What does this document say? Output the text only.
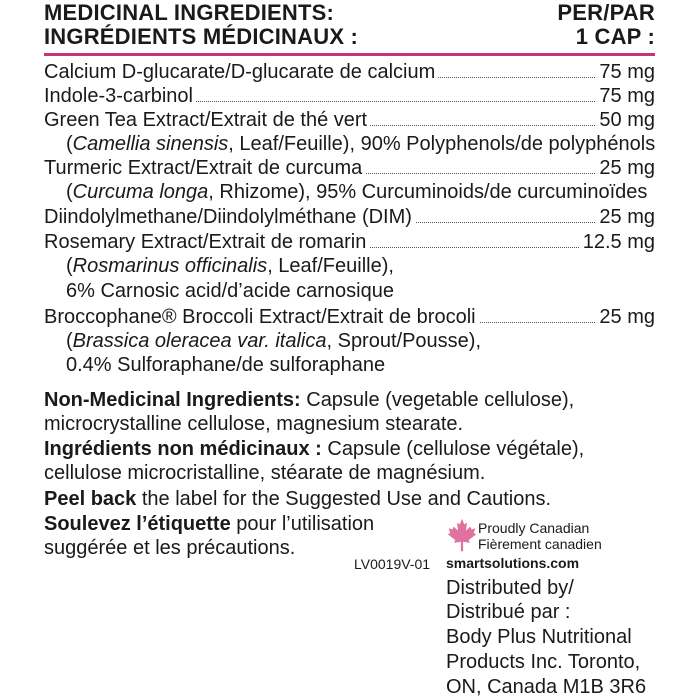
MEDICINAL INGREDIENTS:
INGRÉDIENTS MÉDICINAUX :
PER/PAR
1 CAP :
Calcium D-glucarate/D-glucarate de calcium	75 mg
Indole-3-carbinol	75 mg
Green Tea Extract/Extrait de thé vert	50 mg
(Camellia sinensis, Leaf/Feuille), 90% Polyphenols/de polyphénols
Turmeric Extract/Extrait de curcuma	25 mg
(Curcuma longa, Rhizome), 95% Curcuminoids/de curcuminoïdes
Diindolylmethane/Diindolylméthane (DIM)	25 mg
Rosemary Extract/Extrait de romarin	12.5 mg
(Rosmarinus officinalis, Leaf/Feuille),
6% Carnosic acid/d’acide carnosique
Broccophane® Broccoli Extract/Extrait de brocoli	25 mg
(Brassica oleracea var. italica, Sprout/Pousse),
0.4% Sulforaphane/de sulforaphane
Non-Medicinal Ingredients: Capsule (vegetable cellulose),
microcrystalline cellulose, magnesium stearate.
Ingrédients non médicinaux : Capsule (cellulose végétale),
cellulose microcristalline, stéarate de magnésium.
Peel back the label for the Suggested Use and Cautions.
Soulevez l’étiquette pour l’utilisation
suggérée et les précautions.
LV0019V-01
Proudly Canadian
Fièrement canadien
smartsolutions.com
Distributed by/
Distribué par :
Body Plus Nutritional
Products Inc. Toronto,
ON, Canada M1B 3R6
